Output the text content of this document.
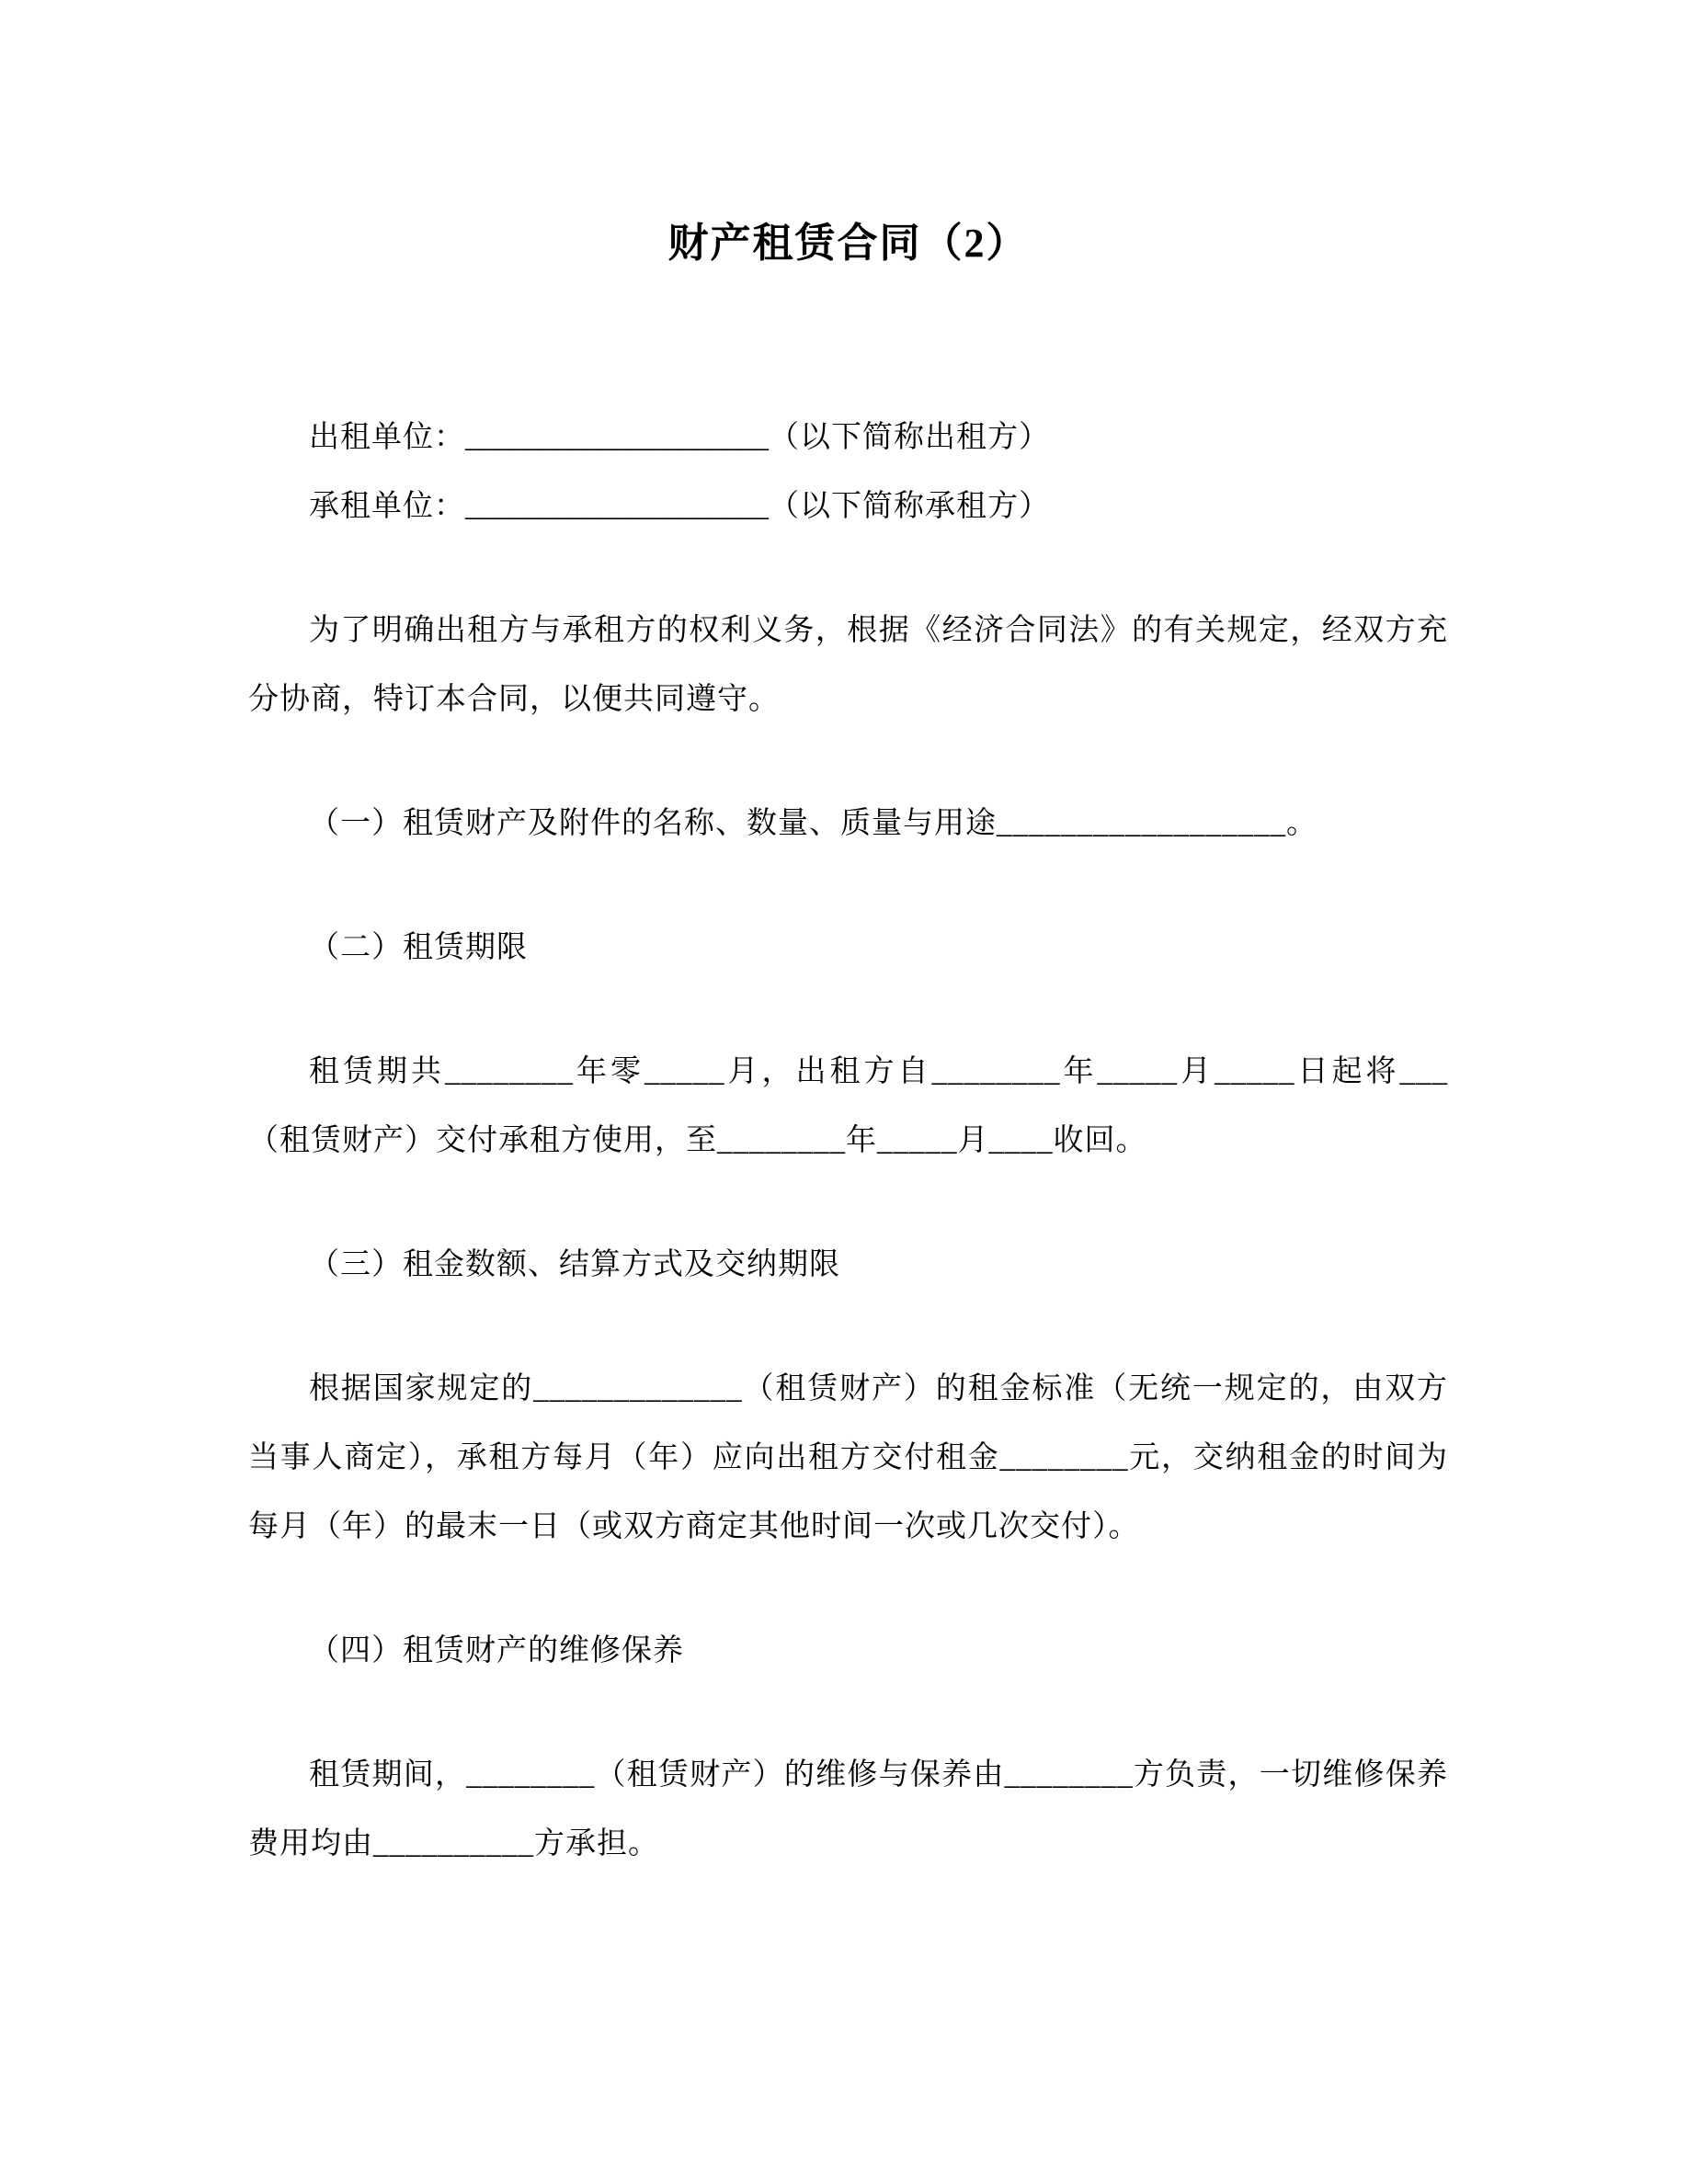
财产租赁合同（2）

出租单位：____________________（以下简称出租方）

承租单位：____________________（以下简称承租方）

为了明确出租方与承租方的权利义务，根据《经济合同法》的有关规定，经双方充分协商，特订本合同，以便共同遵守。

（一）租赁财产及附件的名称、数量、质量与用途__________________。

（二）租赁期限

租赁期共________年零_____月，出租方自________年_____月_____日起将___（租赁财产）交付承租方使用，至________年_____月____收回。

（三）租金数额、结算方式及交纳期限

根据国家规定的_____________（租赁财产）的租金标准（无统一规定的，由双方当事人商定），承租方每月（年）应向出租方交付租金________元，交纳租金的时间为每月（年）的最末一日（或双方商定其他时间一次或几次交付）。

（四）租赁财产的维修保养

租赁期间，________（租赁财产）的维修与保养由________方负责，一切维修保养费用均由__________方承担。
